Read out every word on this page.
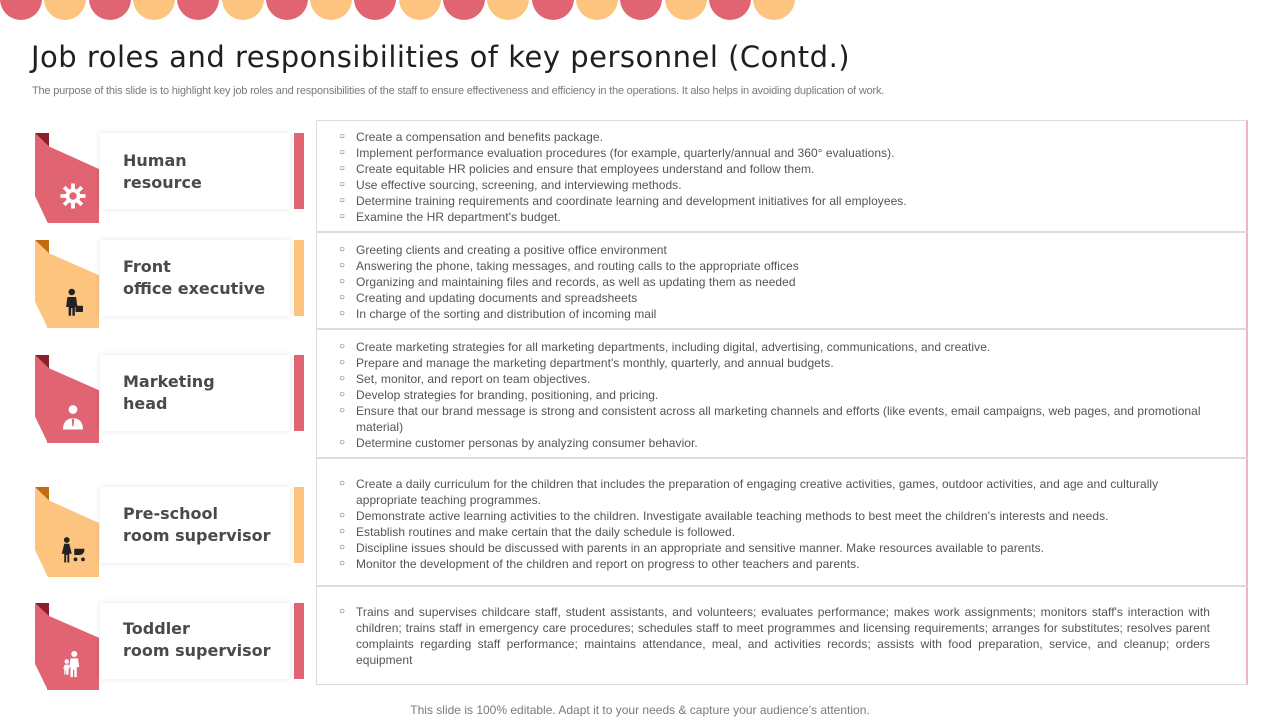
Job roles and responsibilities of key personnel (Contd.)

The purpose of this slide is to highlight key job roles and responsibilities of the staff to ensure effectiveness and efficiency in the operations. It also helps in avoiding duplication of work.

Human
resource
○ Create a compensation and benefits package.
○ Implement performance evaluation procedures (for example, quarterly/annual and 360° evaluations).
○ Create equitable HR policies and ensure that employees understand and follow them.
○ Use effective sourcing, screening, and interviewing methods.
○ Determine training requirements and coordinate learning and development initiatives for all employees.
○ Examine the HR department's budget.
Front
office executive
○ Greeting clients and creating a positive office environment
○ Answering the phone, taking messages, and routing calls to the appropriate offices
○ Organizing and maintaining files and records, as well as updating them as needed
○ Creating and updating documents and spreadsheets
○ In charge of the sorting and distribution of incoming mail
Marketing
head
○ Create marketing strategies for all marketing departments, including digital, advertising, communications, and creative.
○ Prepare and manage the marketing department's monthly, quarterly, and annual budgets.
○ Set, monitor, and report on team objectives.
○ Develop strategies for branding, positioning, and pricing.
○ Ensure that our brand message is strong and consistent across all marketing channels and efforts (like events, email campaigns, web pages, and promotional material)
○ Determine customer personas by analyzing consumer behavior.
Pre-school
room supervisor
○ Create a daily curriculum for the children that includes the preparation of engaging creative activities, games, outdoor activities, and age and culturally appropriate teaching programmes.
○ Demonstrate active learning activities to the children. Investigate available teaching methods to best meet the children's interests and needs.
○ Establish routines and make certain that the daily schedule is followed.
○ Discipline issues should be discussed with parents in an appropriate and sensitive manner. Make resources available to parents.
○ Monitor the development of the children and report on progress to other teachers and parents.
Toddler
room supervisor
○ Trains and supervises childcare staff, student assistants, and volunteers; evaluates performance; makes work assignments; monitors staff's interaction with children; trains staff in emergency care procedures; schedules staff to meet programmes and licensing requirements; arranges for substitutes; resolves parent complaints regarding staff performance; maintains attendance, meal, and activities records; assists with food preparation, service, and cleanup; orders equipment
This slide is 100% editable. Adapt it to your needs & capture your audience’s attention.
